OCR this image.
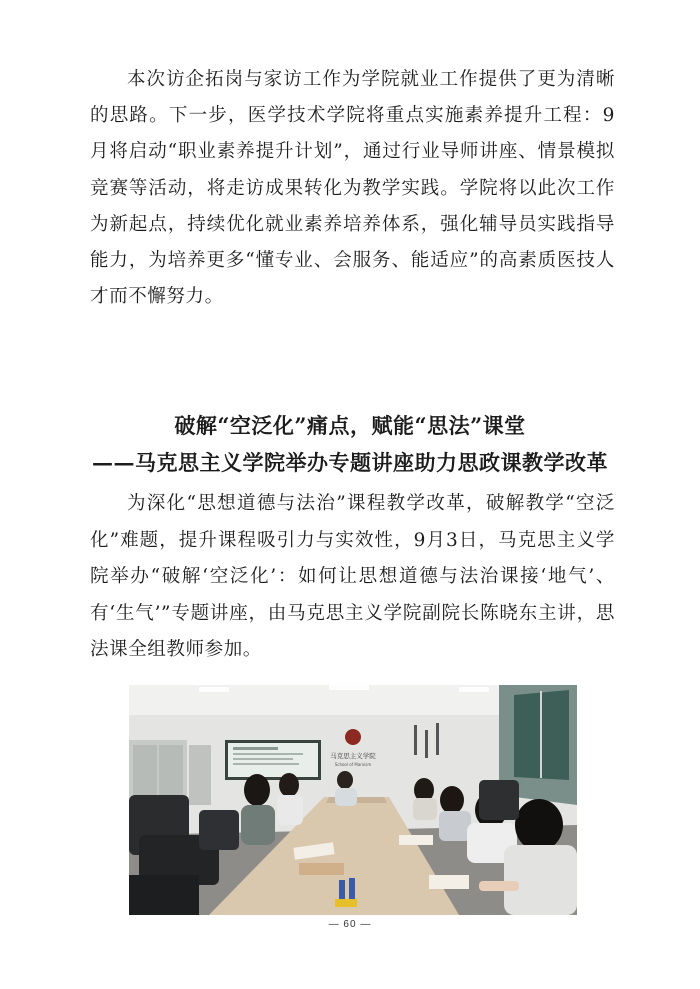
本次访企拓岗与家访工作为学院就业工作提供了更为清晰的思路。下一步，医学技术学院将重点实施素养提升工程：9月将启动“职业素养提升计划”，通过行业导师讲座、情景模拟竞赛等活动，将走访成果转化为教学实践。学院将以此次工作为新起点，持续优化就业素养培养体系，强化辅导员实践指导能力，为培养更多“懂专业、会服务、能适应”的高素质医技人才而不懈努力。

破解“空泛化”痛点，赋能“思法”课堂
——马克思主义学院举办专题讲座助力思政课教学改革

为深化“思想道德与法治”课程教学改革，破解教学“空泛化”难题，提升课程吸引力与实效性，9月3日，马克思主义学院举办“破解‘空泛化’：如何让思想道德与法治课接‘地气’、有‘生气’”专题讲座，由马克思主义学院副院长陈晓东主讲，思法课全组教师参加。

马克思主义学院
School of Marxism
— 60 —
